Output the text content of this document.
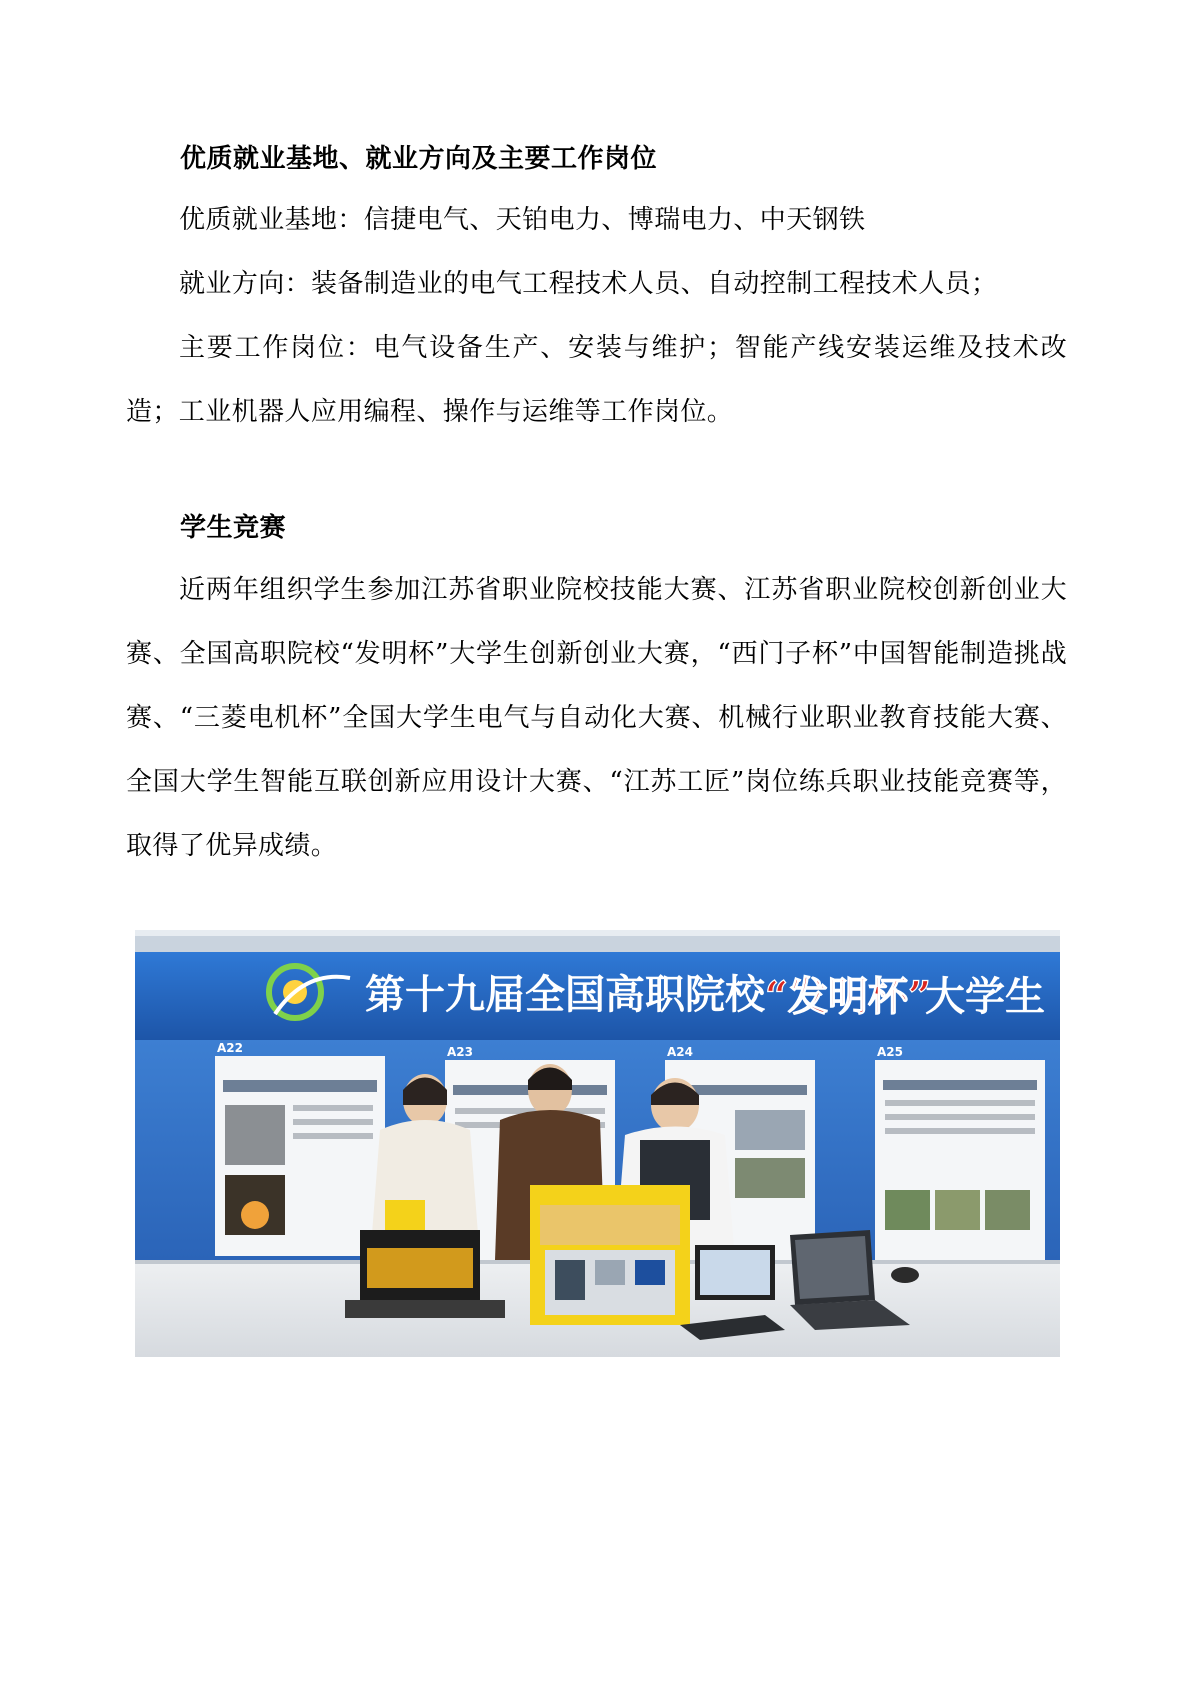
优质就业基地、就业方向及主要工作岗位

优质就业基地：信捷电气、天铂电力、博瑞电力、中天钢铁

就业方向：装备制造业的电气工程技术人员、自动控制工程技术人员；

主要工作岗位：电气设备生产、安装与维护；智能产线安装运维及技术改造；工业机器人应用编程、操作与运维等工作岗位。

学生竞赛

近两年组织学生参加江苏省职业院校技能大赛、江苏省职业院校创新创业大赛、全国高职院校“发明杯”大学生创新创业大赛，“西门子杯”中国智能制造挑战赛、“三菱电机杯”全国大学生电气与自动化大赛、机械行业职业教育技能大赛、全国大学生智能互联创新应用设计大赛、“江苏工匠”岗位练兵职业技能竞赛等，取得了优异成绩。

第十九届全国高职院校 “发明杯”
大学生
A22	A23	A24	A25
